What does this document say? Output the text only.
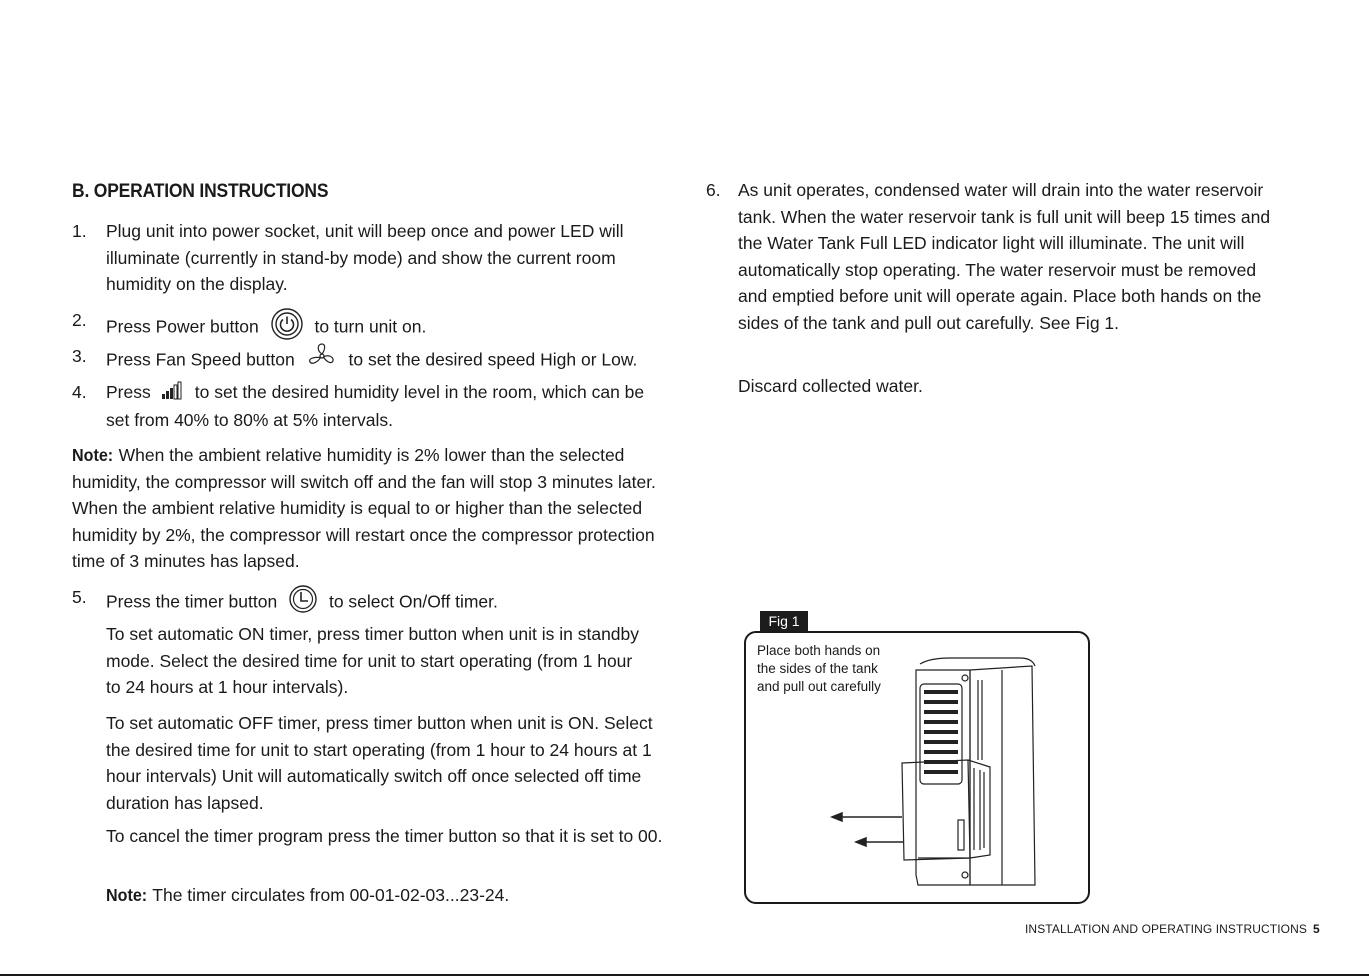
B. OPERATION INSTRUCTIONS
1. Plug unit into power socket, unit will beep once and power LED will illuminate (currently in stand-by mode) and show the current room humidity on the display.
2. Press Power button	to turn unit on.
3. Press Fan Speed button	to set the desired speed High or Low.
4. Press	to set the desired humidity level in the room, which can be set from 40% to 80% at 5% intervals.
Note: When the ambient relative humidity is 2% lower than the selected humidity, the compressor will switch off and the fan will stop 3 minutes later. When the ambient relative humidity is equal to or higher than the selected humidity by 2%, the compressor will restart once the compressor protection time of 3 minutes has lapsed.
5. Press the timer button	to select On/Off timer.
To set automatic ON timer, press timer button when unit is in standby mode. Select the desired time for unit to start operating (from 1 hour to 24 hours at 1 hour intervals).
To set automatic OFF timer, press timer button when unit is ON. Select the desired time for unit to start operating (from 1 hour to 24 hours at 1 hour intervals) Unit will automatically switch off once selected off time duration has lapsed.
To cancel the timer program press the timer button so that it is set to 00.
Note: The timer circulates from 00-01-02-03...23-24.
6. As unit operates, condensed water will drain into the water reservoir tank. When the water reservoir tank is full unit will beep 15 times and the Water Tank Full LED indicator light will illuminate. The unit will automatically stop operating. The water reservoir must be removed and emptied before unit will operate again. Place both hands on the sides of the tank and pull out carefully. See Fig 1.
Discard collected water.
Fig 1
Place both hands on the sides of the tank and pull out carefully
INSTALLATION AND OPERATING INSTRUCTIONS 5
